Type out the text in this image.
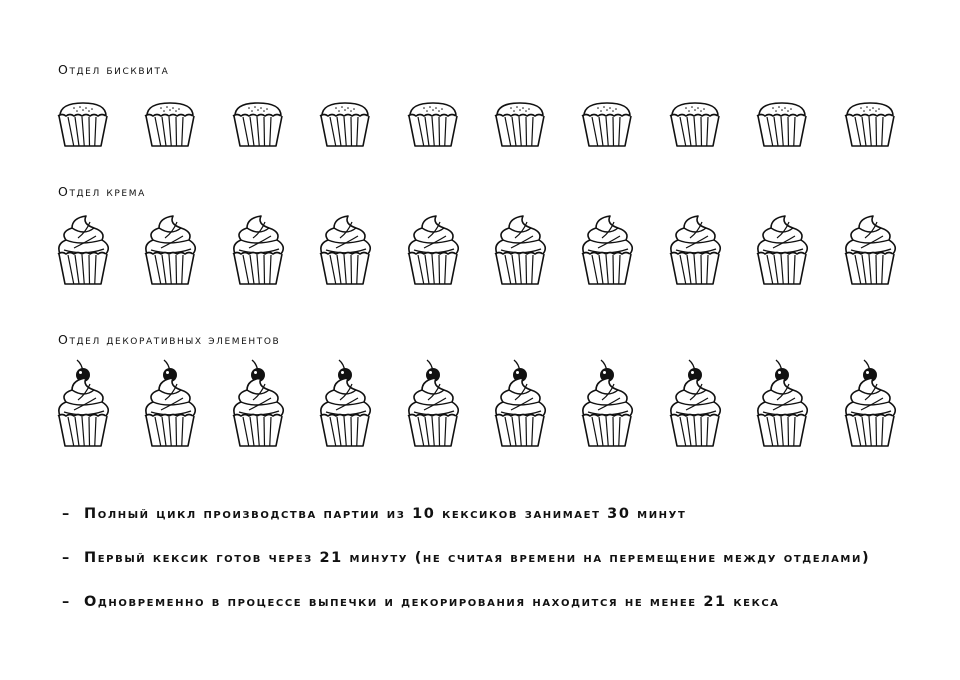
Отдел бисквита
Отдел крема
Отдел декоративных элементов
– Полный цикл производства партии из 10 кексиков занимает 30 минут
– Первый кексик готов через 21 минуту (не считая времени на перемещение между отделами)
– Одновременно в процессе выпечки и декорирования находится не менее 21 кекса
